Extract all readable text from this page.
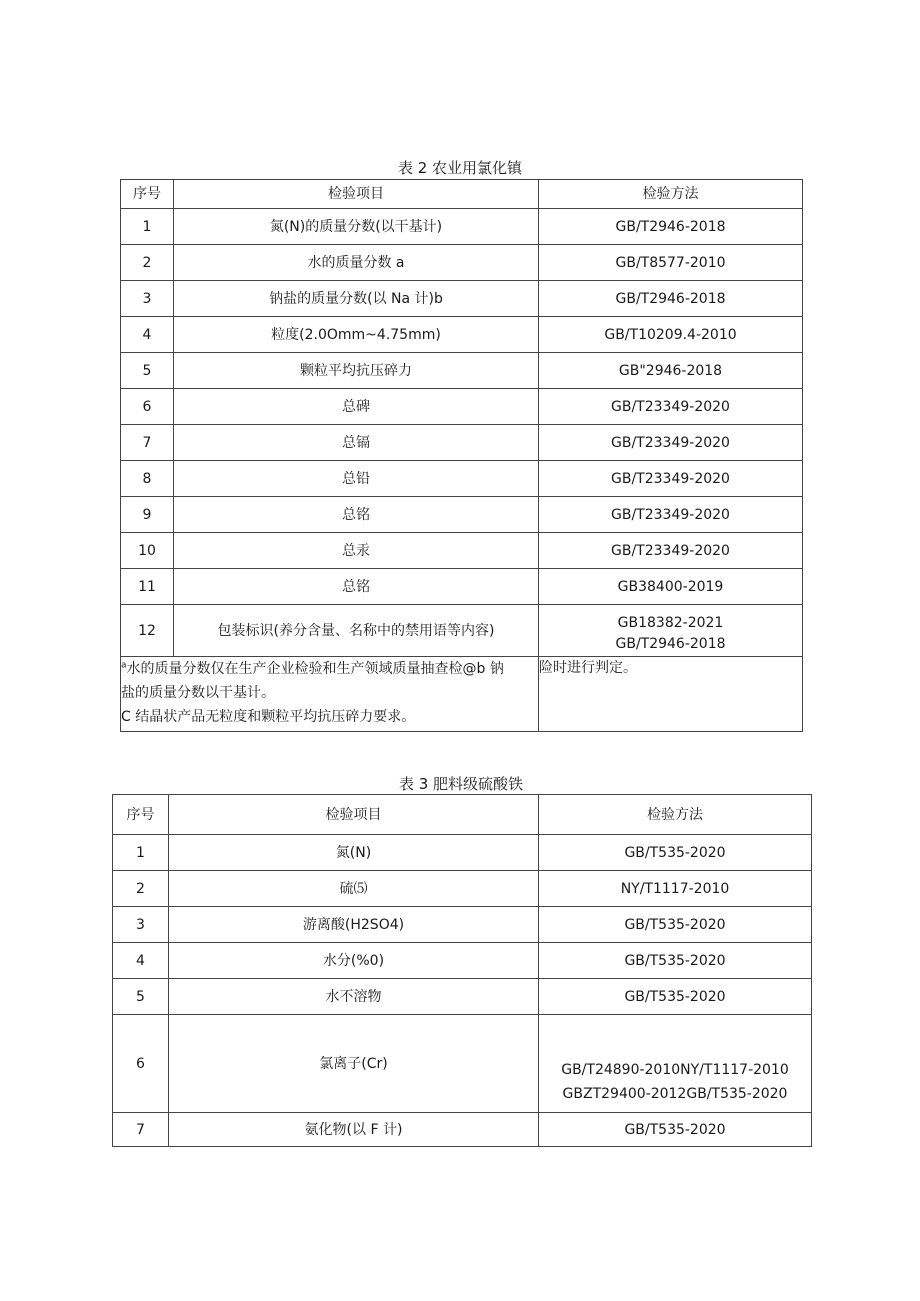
表 2 农业用氯化镇
序号	检验项目	检验方法
1	氮(N)的质量分数(以干基计)	GB/T2946-2018
2	水的质量分数 a	GB/T8577-2010
3	钠盐的质量分数(以 Na 计)b	GB/T2946-2018
4	粒度(2.0Omm~4.75mm)	GB/T10209.4-2010
5	颗粒平均抗压碎力	GB"2946-2018
6	总碑	GB/T23349-2020
7	总镉	GB/T23349-2020
8	总铅	GB/T23349-2020
9	总铭	GB/T23349-2020
10	总汞	GB/T23349-2020
11	总铭	GB38400-2019
12	包装标识(养分含量、名称中的禁用语等内容)	GB18382-2021
GB/T2946-2018

$^a$水的质量分数仅在生产企业检验和生产领域质量抽查检@b 钠
盐的质量分数以干基计。
C 结晶状产品无粒度和颗粒平均抗压碎力要求。		险时进行判定。
表 3 肥料级硫酸铁
序号	检验项目	检验方法
1	氮(N)	GB/T535-2020
2	硫⑸	NY/T1117-2010
3	游离酸(H2SO4)	GB/T535-2020
4	水分(%0)	GB/T535-2020
5	水不溶物	GB/T535-2020
6	氯离子(Cr)	GB/T24890-2010NY/T1117-2010
GBZT29400-2012GB/T535-2020

7	氨化物(以 F 计)	GB/T535-2020
